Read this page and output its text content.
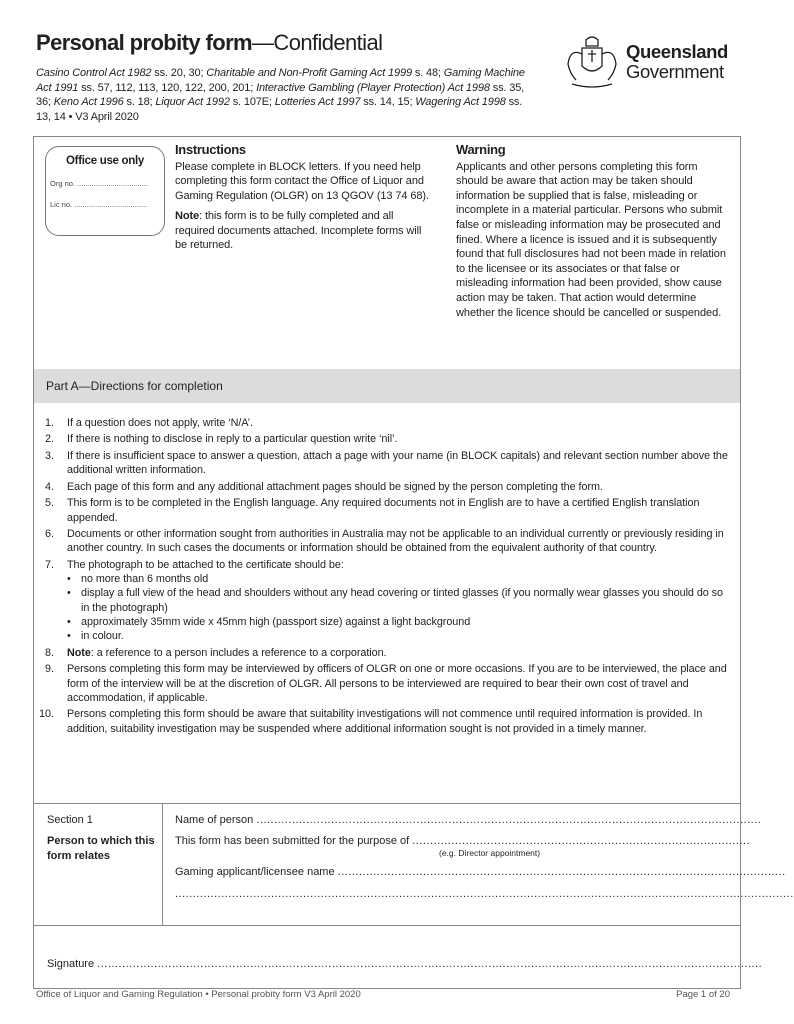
Personal probity form—Confidential
Casino Control Act 1982 ss. 20, 30; Charitable and Non-Profit Gaming Act 1999 s. 48; Gaming Machine Act 1991 ss. 57, 112, 113, 120, 122, 200, 201; Interactive Gambling (Player Protection) Act 1998 ss. 35, 36; Keno Act 1996 s. 18; Liquor Act 1992 s. 107E; Lotteries Act 1997 ss. 14, 15; Wagering Act 1998 ss. 13, 14 • V3 April 2020
Queensland
Government
Office use only
Org no. ..................................
Lic no. ...................................
Instructions

Please complete in BLOCK letters. If you need help completing this form contact the Office of Liquor and Gaming Regulation (OLGR) on 13 QGOV (13 74 68).

Note: this form is to be fully completed and all required documents attached. Incomplete forms will be returned.

Warning

Applicants and other persons completing this form should be aware that action may be taken should information be supplied that is false, misleading or incomplete in a material particular. Persons who submit false or misleading information may be prosecuted and fined. Where a licence is issued and it is subsequently found that full disclosures had not been made in relation to the licensee or its associates or that false or misleading information had been provided, show cause action may be taken. That action would determine whether the licence should be cancelled or suspended.

Part A—Directions for completion
1.	If a question does not apply, write ‘N/A’.
2.	If there is nothing to disclose in reply to a particular question write ‘nil’.
3.	If there is insufficient space to answer a question, attach a page with your name (in BLOCK capitals) and relevant section number above the additional written information.
4.	Each page of this form and any additional attachment pages should be signed by the person completing the form.
5.	This form is to be completed in the English language. Any required documents not in English are to have a certified English translation appended.
6.	Documents or other information sought from authorities in Australia may not be applicable to an individual currently or previously residing in another country. In such cases the documents or information should be obtained from the equivalent authority of that country.
7.	The photograph to be attached to the certificate should be:
• no more than 6 months old
• display a full view of the head and shoulders without any head covering or tinted glasses (if you normally wear glasses you should do so in the photograph)
• approximately 35mm wide x 45mm high (passport size) against a light background
• in colour.
8.	Note: a reference to a person includes a reference to a corporation.
9.	Persons completing this form may be interviewed by officers of OLGR on one or more occasions. If you are to be interviewed, the place and form of the interview will be at the discretion of OLGR. All persons to be interviewed are required to bear their own cost of travel and accommodation, if applicable.
10.	Persons completing this form should be aware that suitability investigations will not commence until required information is provided. In addition, suitability investigation may be suspended where additional information sought is not provided in a timely manner.
Section 1
Person to which this form relates
Name of person ..............................................................................................................................................
This form has been submitted for the purpose of ...............................................................................................
(e.g. Director appointment)
Gaming applicant/licensee name ..............................................................................................................................
..............................................................................................................................................................................
Signature ...........................................................................................................................................................................................
Office of Liquor and Gaming Regulation • Personal probity form V3 April 2020	Page 1 of 20
